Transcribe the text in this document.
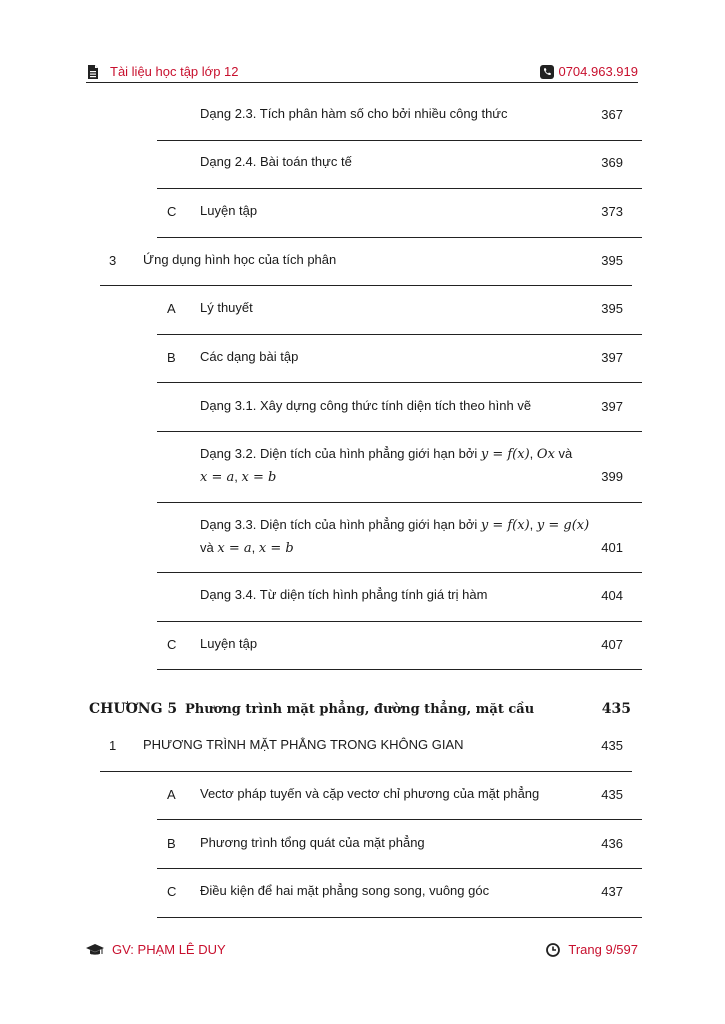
Tài liệu học tập lớp 12	0704.963.919
Dạng 2.3. Tích phân hàm số cho bởi nhiều công thức	367
Dạng 2.4. Bài toán thực tế	369
C Luyện tập	373
3 Ứng dụng hình học của tích phân	395
A Lý thuyết	395
B Các dạng bài tập	397
Dạng 3.1. Xây dựng công thức tính diện tích theo hình vẽ	397
Dạng 3.2. Diện tích của hình phẳng giới hạn bởi y = f(x), Ox và
x = a, x = b	399
Dạng 3.3. Diện tích của hình phẳng giới hạn bởi y = f(x), y = g(x)
và x = a, x = b	401
Dạng 3.4. Từ diện tích hình phẳng tính giá trị hàm	404
C Luyện tập	407
CHƯƠNG 5 Phương trình mặt phẳng, đường thẳng, mặt cầu	435
1 PHƯƠNG TRÌNH MẶT PHẲNG TRONG KHÔNG GIAN	435
A Vectơ pháp tuyến và cặp vectơ chỉ phương của mặt phẳng	435
B Phương trình tổng quát của mặt phẳng	436
C Điều kiện để hai mặt phẳng song song, vuông góc	437
GV: PHẠM LÊ DUY	Trang 9/597
